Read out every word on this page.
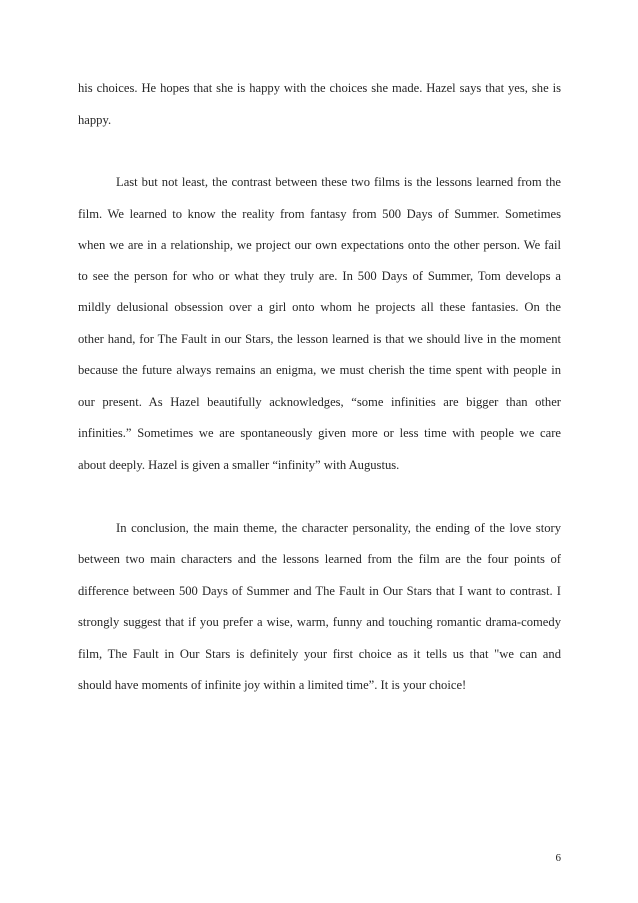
his choices. He hopes that she is happy with the choices she made. Hazel says that yes, she is
happy.
Last but not least, the contrast between these two films is the lessons learned from the
film. We learned to know the reality from fantasy from 500 Days of Summer. Sometimes
when we are in a relationship, we project our own expectations onto the other person. We fail
to see the person for who or what they truly are. In 500 Days of Summer, Tom develops a
mildly delusional obsession over a girl onto whom he projects all these fantasies. On the
other hand, for The Fault in our Stars, the lesson learned is that we should live in the moment
because the future always remains an enigma, we must cherish the time spent with people in
our present. As Hazel beautifully acknowledges, “some infinities are bigger than other
infinities.” Sometimes we are spontaneously given more or less time with people we care
about deeply. Hazel is given a smaller “infinity” with Augustus.
In conclusion, the main theme, the character personality, the ending of the love story
between two main characters and the lessons learned from the film are the four points of
difference between 500 Days of Summer and The Fault in Our Stars that I want to contrast. I
strongly suggest that if you prefer a wise, warm, funny and touching romantic drama-comedy
film, The Fault in Our Stars is definitely your first choice as it tells us that "we can and
should have moments of infinite joy within a limited time”. It is your choice!
6
